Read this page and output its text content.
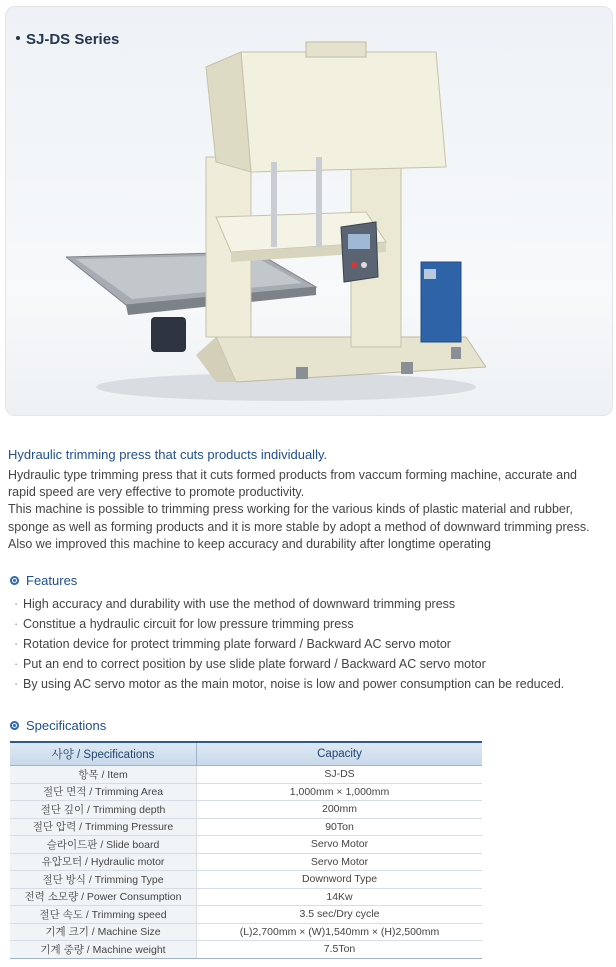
SJ-DS Series
Hydraulic trimming press that cuts products individually.

Hydraulic type trimming press that it cuts formed products from vaccum forming machine, accurate and rapid speed are very effective to promote productivity.

This machine is possible to trimming press working for the various kinds of plastic material and rubber, sponge as well as forming products and it is more stable by adopt a method of downward trimming press.

Also we improved this machine to keep accuracy and durability after longtime operating

Features
· High accuracy and durability with use the method of downward trimming press
· Constitue a hydraulic circuit for low pressure trimming press
· Rotation device for protect trimming plate forward / Backward AC servo motor
· Put an end to correct position by use slide plate forward / Backward AC servo motor
· By using AC servo motor as the main motor, noise is low and power consumption can be reduced.
Specifications
사양 / Specifications	Capacity
항목 / Item	SJ-DS
절단 면적 / Trimming Area	1,000mm × 1,000mm
절단 깊이 / Trimming depth	200mm
절단 압력 / Trimming Pressure	90Ton
슬라이드판 / Slide board	Servo Motor
유압모터 / Hydraulic motor	Servo Motor
절단 방식 / Trimming Type	Downword Type
전력 소모량 / Power Consumption	14Kw
절단 속도 / Trimming speed	3.5 sec/Dry cycle
기계 크기 / Machine Size	(L)2,700mm × (W)1,540mm × (H)2,500mm
기계 중량 / Machine weight	7.5Ton
